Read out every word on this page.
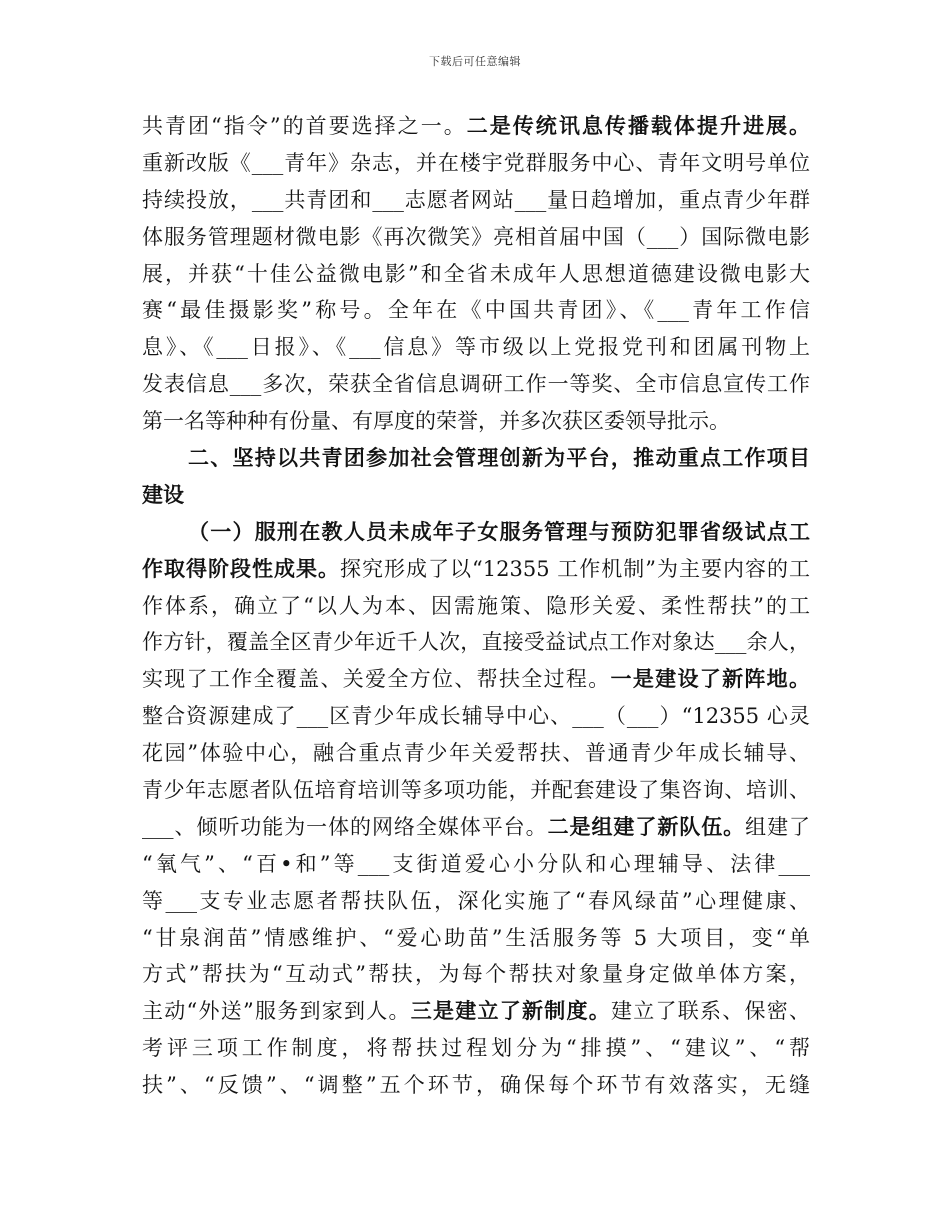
下载后可任意编辑
共青团“指令”的首要选择之一。二是传统讯息传播载体提升进展。
重新改版《___青年》杂志，并在楼宇党群服务中心、青年文明号单位
持续投放，___共青团和___志愿者网站___量日趋增加，重点青少年群
体服务管理题材微电影《再次微笑》亮相首届中国（___）国际微电影
展，并获“十佳公益微电影”和全省未成年人思想道德建设微电影大
赛“最佳摄影奖”称号。全年在《中国共青团》、《___青年工作信
息》、《___日报》、《___信息》等市级以上党报党刊和团属刊物上
发表信息___多次，荣获全省信息调研工作一等奖、全市信息宣传工作
第一名等种种有份量、有厚度的荣誉，并多次获区委领导批示。
二、坚持以共青团参加社会管理创新为平台，推动重点工作项目
建设
（一）服刑在教人员未成年子女服务管理与预防犯罪省级试点工
作取得阶段性成果。探究形成了以“12355 工作机制”为主要内容的工
作体系，确立了“以人为本、因需施策、隐形关爱、柔性帮扶”的工
作方针，覆盖全区青少年近千人次，直接受益试点工作对象达___余人，
实现了工作全覆盖、关爱全方位、帮扶全过程。一是建设了新阵地。
整合资源建成了___区青少年成长辅导中心、___（___）“12355 心灵
花园”体验中心，融合重点青少年关爱帮扶、普通青少年成长辅导、
青少年志愿者队伍培育培训等多项功能，并配套建设了集咨询、培训、
___、倾听功能为一体的网络全媒体平台。二是组建了新队伍。组建了
“氧气”、“百•和”等___支街道爱心小分队和心理辅导、法律___
等___支专业志愿者帮扶队伍，深化实施了“春风绿苗”心理健康、
“甘泉润苗”情感维护、“爱心助苗”生活服务等 5 大项目，变“单
方式”帮扶为“互动式”帮扶，为每个帮扶对象量身定做单体方案，
主动“外送”服务到家到人。三是建立了新制度。建立了联系、保密、
考评三项工作制度，将帮扶过程划分为“排摸”、“建议”、“帮
扶”、“反馈”、“调整”五个环节，确保每个环节有效落实，无缝
